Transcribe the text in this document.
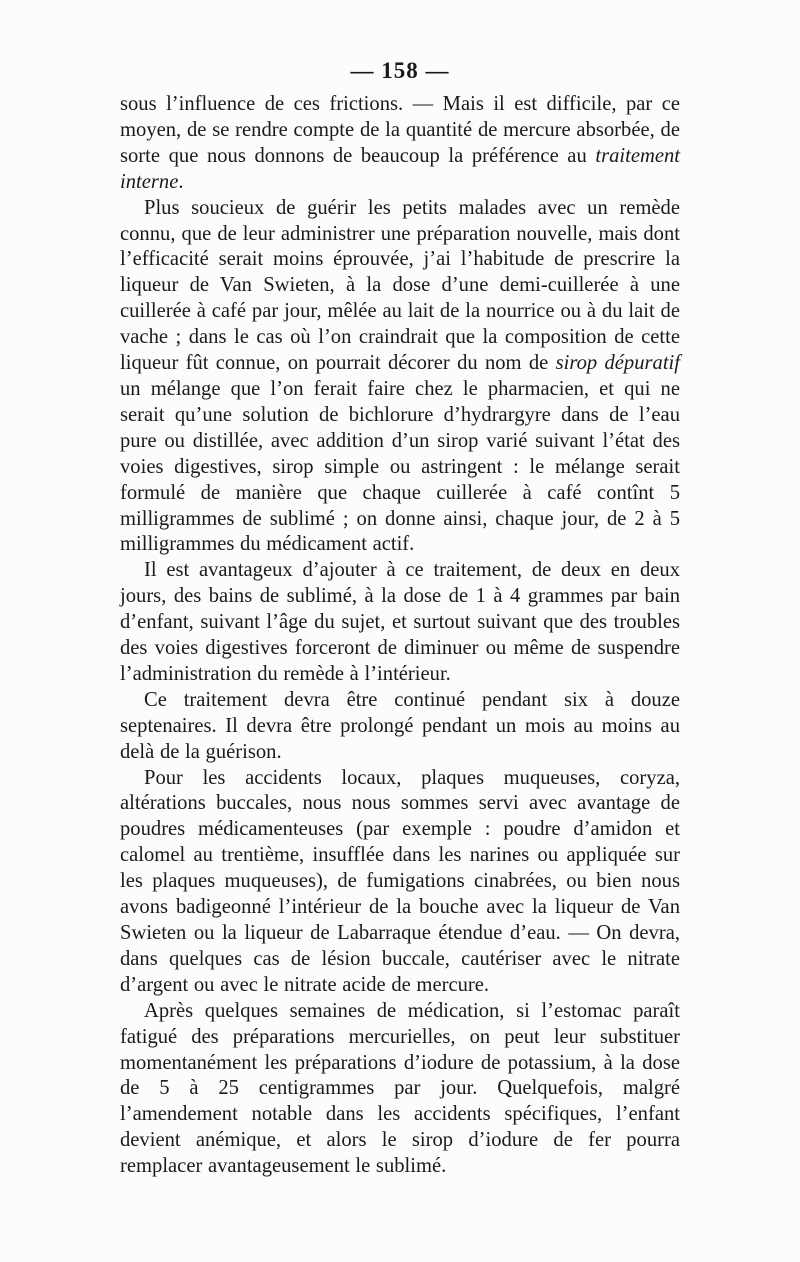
— 158 —

sous l’influence de ces frictions. — Mais il est difficile, par ce moyen, de se rendre compte de la quantité de mercure absorbée, de sorte que nous donnons de beaucoup la préférence au traitement interne.

Plus soucieux de guérir les petits malades avec un remède connu, que de leur administrer une préparation nouvelle, mais dont l’efficacité serait moins éprouvée, j’ai l’habitude de prescrire la liqueur de Van Swieten, à la dose d’une demi-cuillerée à une cuillerée à café par jour, mêlée au lait de la nourrice ou à du lait de vache ; dans le cas où l’on craindrait que la composition de cette liqueur fût connue, on pourrait décorer du nom de sirop dépuratif un mélange que l’on ferait faire chez le pharmacien, et qui ne serait qu’une solution de bichlorure d’hydrargyre dans de l’eau pure ou distillée, avec addition d’un sirop varié suivant l’état des voies digestives, sirop simple ou astringent : le mélange serait formulé de manière que chaque cuillerée à café contînt 5 milligrammes de sublimé ; on donne ainsi, chaque jour, de 2 à 5 milligrammes du médicament actif.

Il est avantageux d’ajouter à ce traitement, de deux en deux jours, des bains de sublimé, à la dose de 1 à 4 grammes par bain d’enfant, suivant l’âge du sujet, et surtout suivant que des troubles des voies digestives forceront de diminuer ou même de suspendre l’administration du remède à l’intérieur.

Ce traitement devra être continué pendant six à douze septenaires. Il devra être prolongé pendant un mois au moins au delà de la guérison.

Pour les accidents locaux, plaques muqueuses, coryza, altérations buccales, nous nous sommes servi avec avantage de poudres médicamenteuses (par exemple : poudre d’amidon et calomel au trentième, insufflée dans les narines ou appliquée sur les plaques muqueuses), de fumigations cinabrées, ou bien nous avons badigeonné l’intérieur de la bouche avec la liqueur de Van Swieten ou la liqueur de Labarraque étendue d’eau. — On devra, dans quelques cas de lésion buccale, cautériser avec le nitrate d’argent ou avec le nitrate acide de mercure.

Après quelques semaines de médication, si l’estomac paraît fatigué des préparations mercurielles, on peut leur substituer momentanément les préparations d’iodure de potassium, à la dose de 5 à 25 centigrammes par jour. Quelquefois, malgré l’amendement notable dans les accidents spécifiques, l’enfant devient anémique, et alors le sirop d’iodure de fer pourra remplacer avantageusement le sublimé.
